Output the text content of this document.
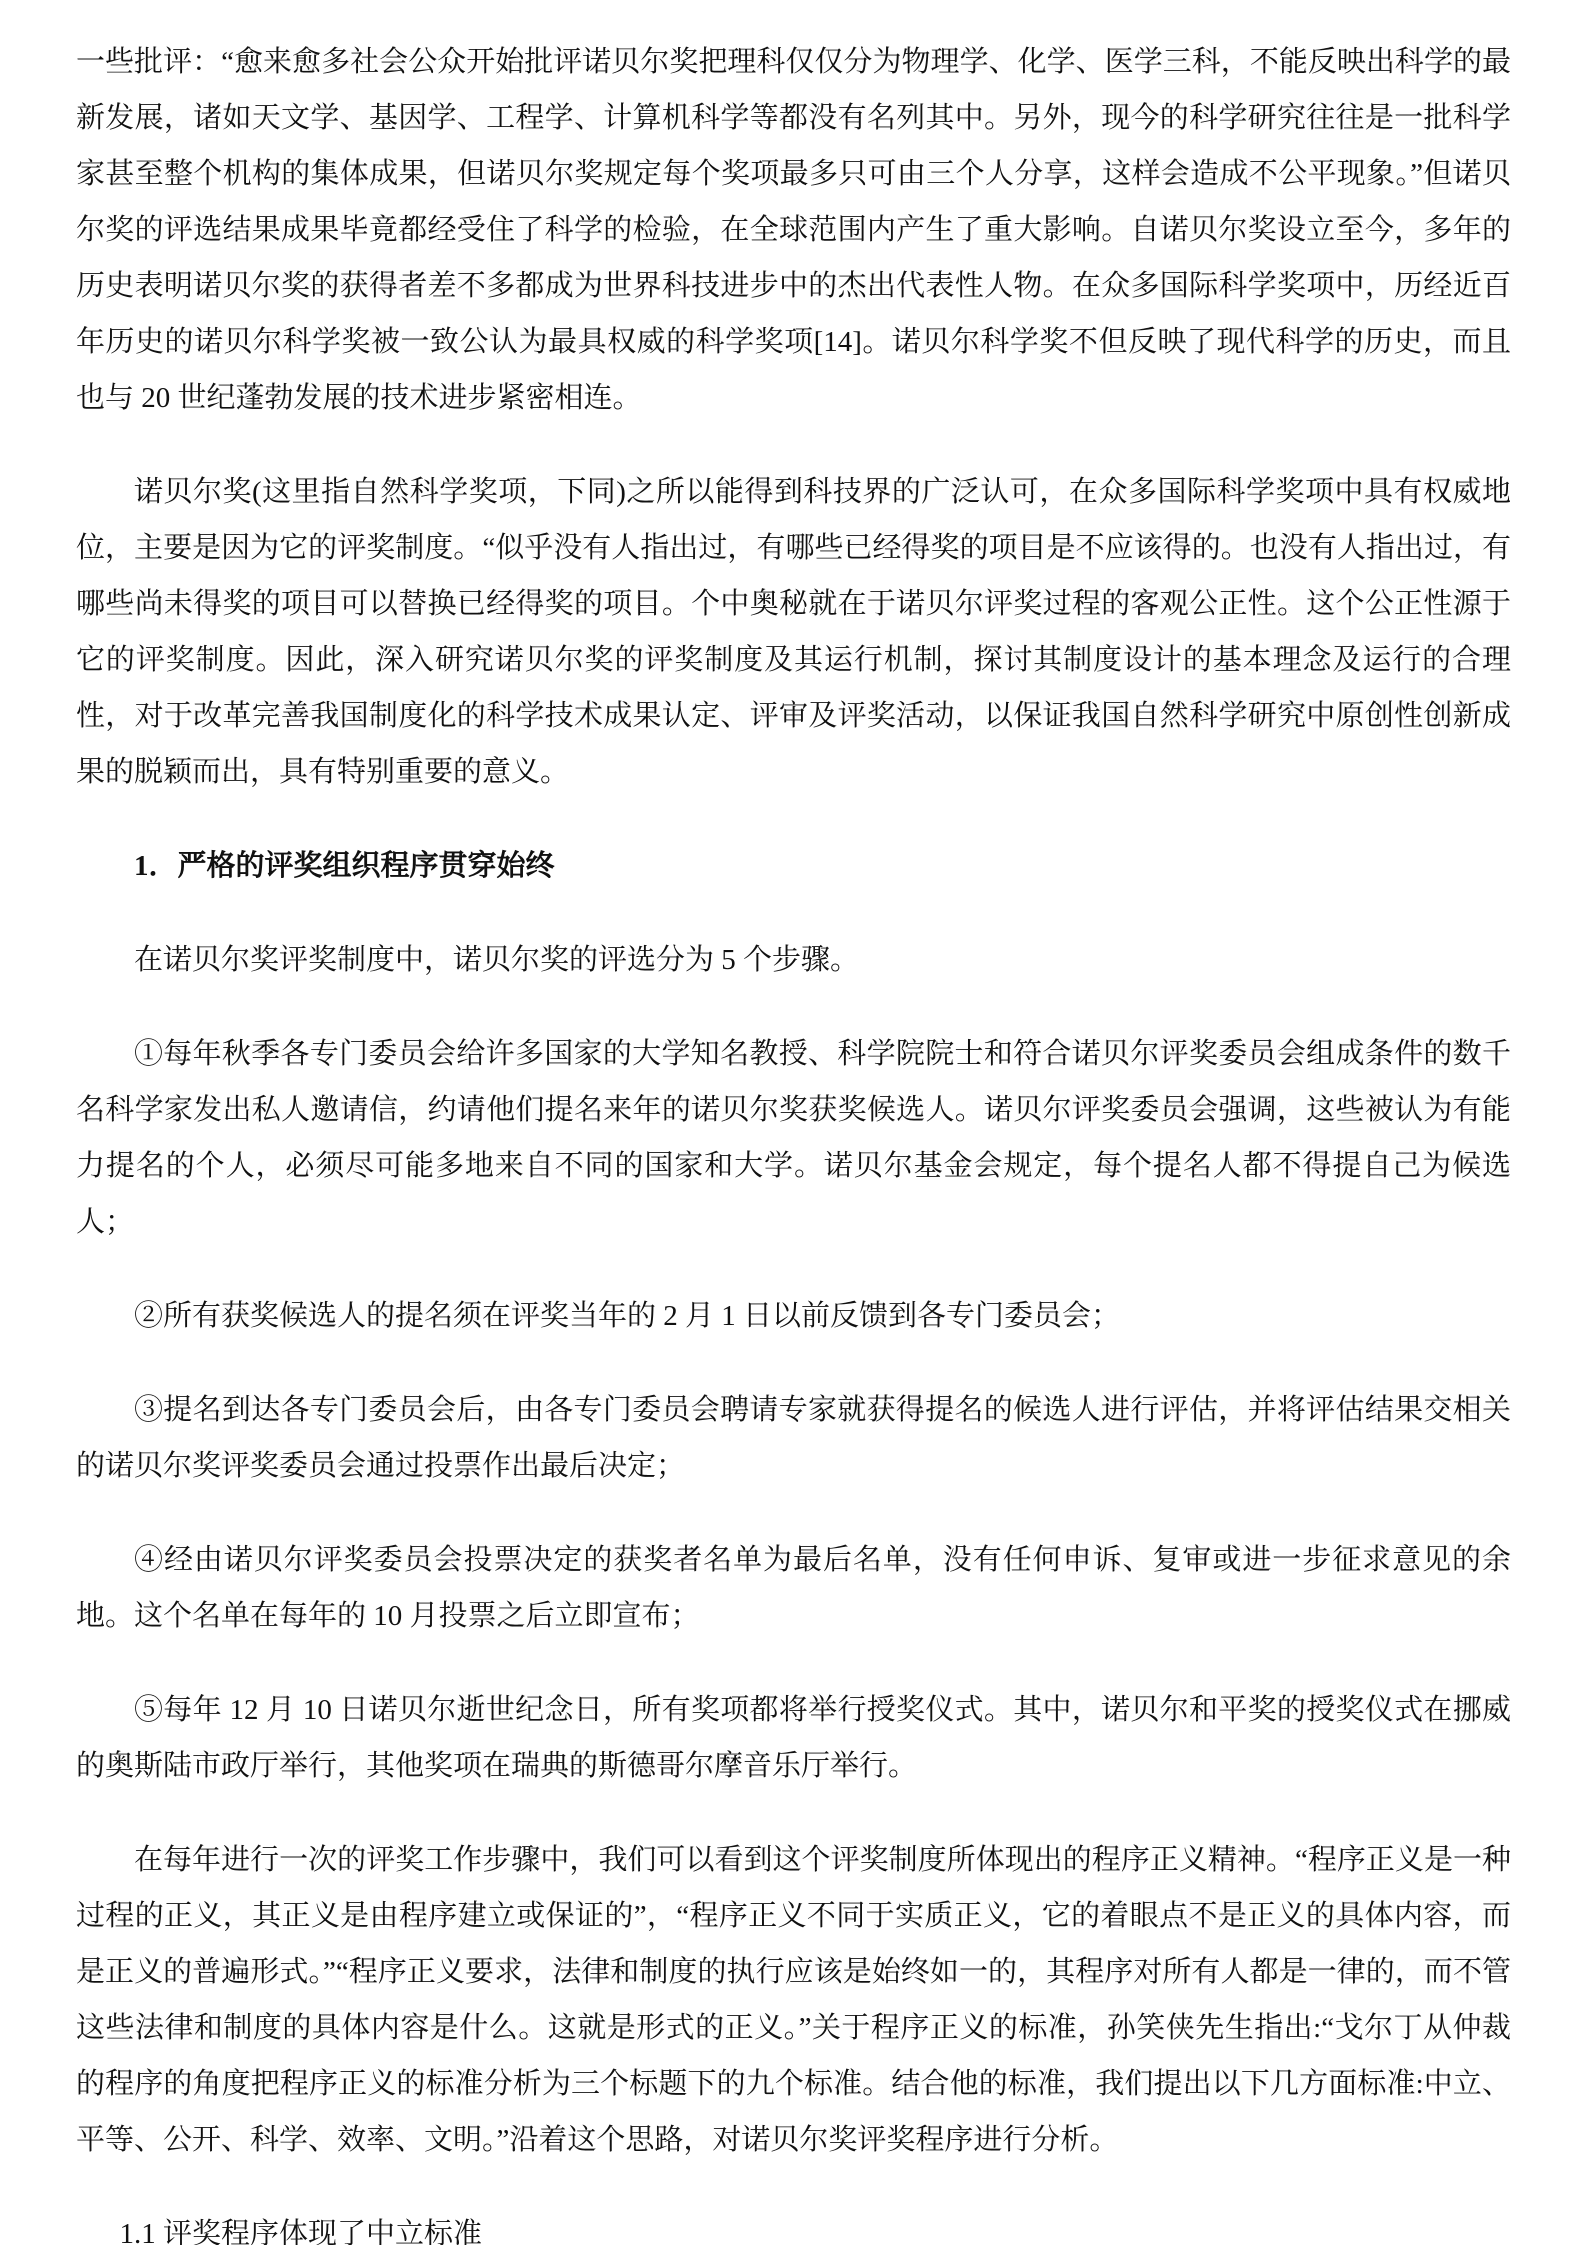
一些批评：“愈来愈多社会公众开始批评诺贝尔奖把理科仅仅分为物理学、化学、医学三科，不能反映出科学的最新发展，诸如天文学、基因学、工程学、计算机科学等都没有名列其中。另外，现今的科学研究往往是一批科学家甚至整个机构的集体成果，但诺贝尔奖规定每个奖项最多只可由三个人分享，这样会造成不公平现象。”但诺贝尔奖的评选结果成果毕竟都经受住了科学的检验，在全球范围内产生了重大影响。自诺贝尔奖设立至今，多年的历史表明诺贝尔奖的获得者差不多都成为世界科技进步中的杰出代表性人物。在众多国际科学奖项中，历经近百年历史的诺贝尔科学奖被一致公认为最具权威的科学奖项[14]。诺贝尔科学奖不但反映了现代科学的历史，而且也与 20 世纪蓬勃发展的技术进步紧密相连。

诺贝尔奖(这里指自然科学奖项，下同)之所以能得到科技界的广泛认可，在众多国际科学奖项中具有权威地位，主要是因为它的评奖制度。“似乎没有人指出过，有哪些已经得奖的项目是不应该得的。也没有人指出过，有哪些尚未得奖的项目可以替换已经得奖的项目。个中奥秘就在于诺贝尔评奖过程的客观公正性。这个公正性源于它的评奖制度。因此，深入研究诺贝尔奖的评奖制度及其运行机制，探讨其制度设计的基本理念及运行的合理性，对于改革完善我国制度化的科学技术成果认定、评审及评奖活动，以保证我国自然科学研究中原创性创新成果的脱颖而出，具有特别重要的意义。

1．严格的评奖组织程序贯穿始终

在诺贝尔奖评奖制度中，诺贝尔奖的评选分为 5 个步骤。

①每年秋季各专门委员会给许多国家的大学知名教授、科学院院士和符合诺贝尔评奖委员会组成条件的数千名科学家发出私人邀请信，约请他们提名来年的诺贝尔奖获奖候选人。诺贝尔评奖委员会强调，这些被认为有能力提名的个人，必须尽可能多地来自不同的国家和大学。诺贝尔基金会规定，每个提名人都不得提自己为候选人；

②所有获奖候选人的提名须在评奖当年的 2 月 1 日以前反馈到各专门委员会；

③提名到达各专门委员会后，由各专门委员会聘请专家就获得提名的候选人进行评估，并将评估结果交相关的诺贝尔奖评奖委员会通过投票作出最后决定；

④经由诺贝尔评奖委员会投票决定的获奖者名单为最后名单，没有任何申诉、复审或进一步征求意见的余地。这个名单在每年的 10 月投票之后立即宣布；

⑤每年 12 月 10 日诺贝尔逝世纪念日，所有奖项都将举行授奖仪式。其中，诺贝尔和平奖的授奖仪式在挪威的奥斯陆市政厅举行，其他奖项在瑞典的斯德哥尔摩音乐厅举行。

在每年进行一次的评奖工作步骤中，我们可以看到这个评奖制度所体现出的程序正义精神。“程序正义是一种过程的正义，其正义是由程序建立或保证的”，“程序正义不同于实质正义，它的着眼点不是正义的具体内容，而是正义的普遍形式。”“程序正义要求，法律和制度的执行应该是始终如一的，其程序对所有人都是一律的，而不管这些法律和制度的具体内容是什么。这就是形式的正义。”关于程序正义的标准，孙笑侠先生指出:“戈尔丁从仲裁的程序的角度把程序正义的标准分析为三个标题下的九个标准。结合他的标准，我们提出以下几方面标准:中立、平等、公开、科学、效率、文明。”沿着这个思路，对诺贝尔奖评奖程序进行分析。

1.1 评奖程序体现了中立标准
